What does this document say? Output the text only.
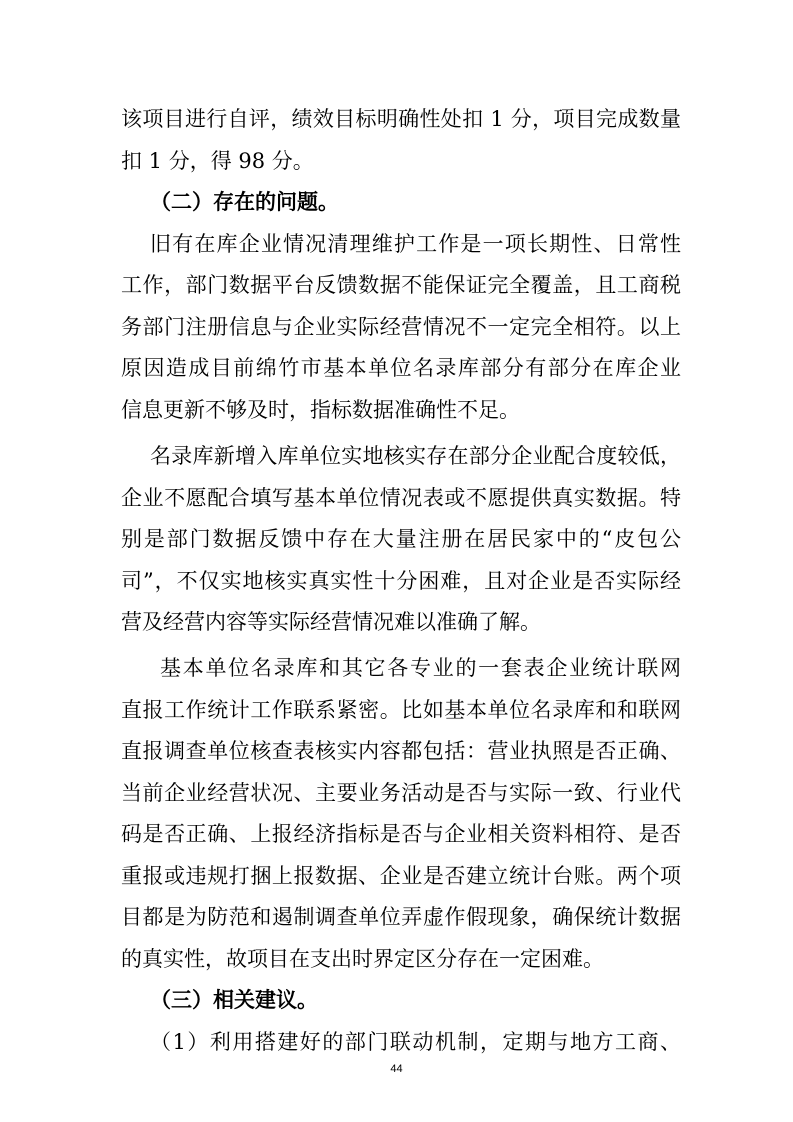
该项目进行自评，绩效目标明确性处扣 1 分，项目完成数量
扣 1 分，得 98 分。
（二）存在的问题。
旧有在库企业情况清理维护工作是一项长期性、日常性
工作，部门数据平台反馈数据不能保证完全覆盖，且工商税
务部门注册信息与企业实际经营情况不一定完全相符。以上
原因造成目前绵竹市基本单位名录库部分有部分在库企业
信息更新不够及时，指标数据准确性不足。
名录库新增入库单位实地核实存在部分企业配合度较低，
企业不愿配合填写基本单位情况表或不愿提供真实数据。特
别是部门数据反馈中存在大量注册在居民家中的“皮包公
司”，不仅实地核实真实性十分困难，且对企业是否实际经
营及经营内容等实际经营情况难以准确了解。
基本单位名录库和其它各专业的一套表企业统计联网
直报工作统计工作联系紧密。比如基本单位名录库和和联网
直报调查单位核查表核实内容都包括：营业执照是否正确、
当前企业经营状况、主要业务活动是否与实际一致、行业代
码是否正确、上报经济指标是否与企业相关资料相符、是否
重报或违规打捆上报数据、企业是否建立统计台账。两个项
目都是为防范和遏制调查单位弄虚作假现象，确保统计数据
的真实性，故项目在支出时界定区分存在一定困难。
（三）相关建议。
（1）利用搭建好的部门联动机制，定期与地方工商、
44
